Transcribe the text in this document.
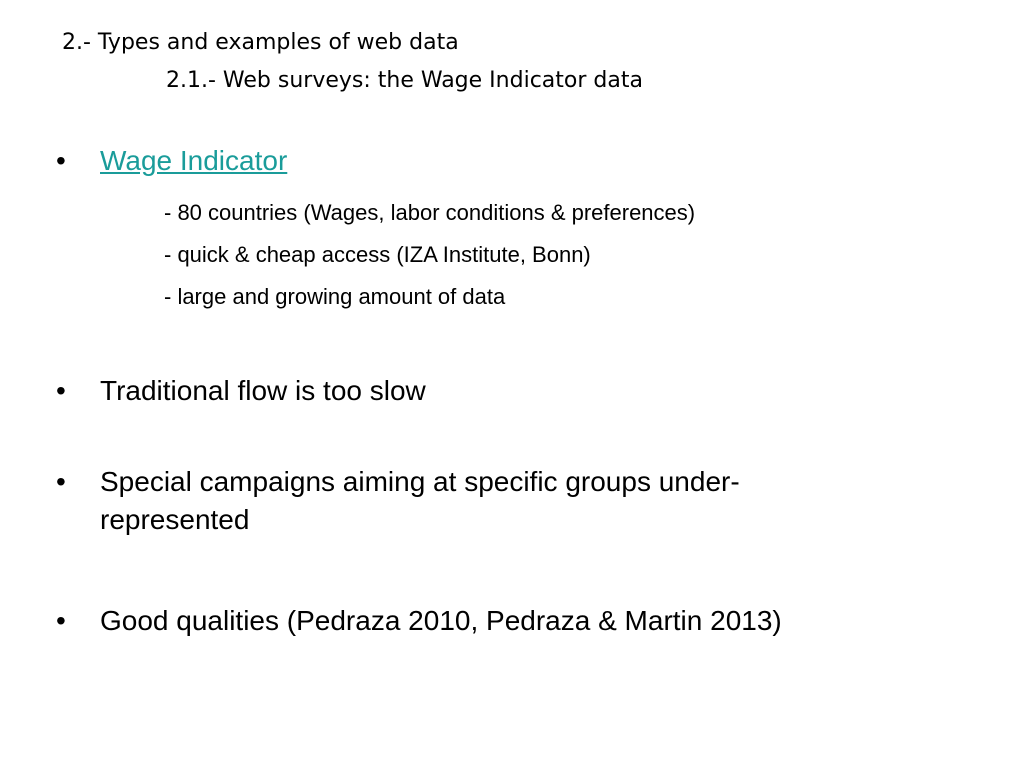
2.- Types and examples of web data
2.1.- Web surveys: the Wage Indicator data
• Wage Indicator
- 80 countries (Wages, labor conditions & preferences)
- quick & cheap access (IZA Institute, Bonn)
- large and growing amount of data
• Traditional flow is too slow
• Special campaigns aiming at specific groups under-
represented
• Good qualities (Pedraza 2010, Pedraza & Martin 2013)
